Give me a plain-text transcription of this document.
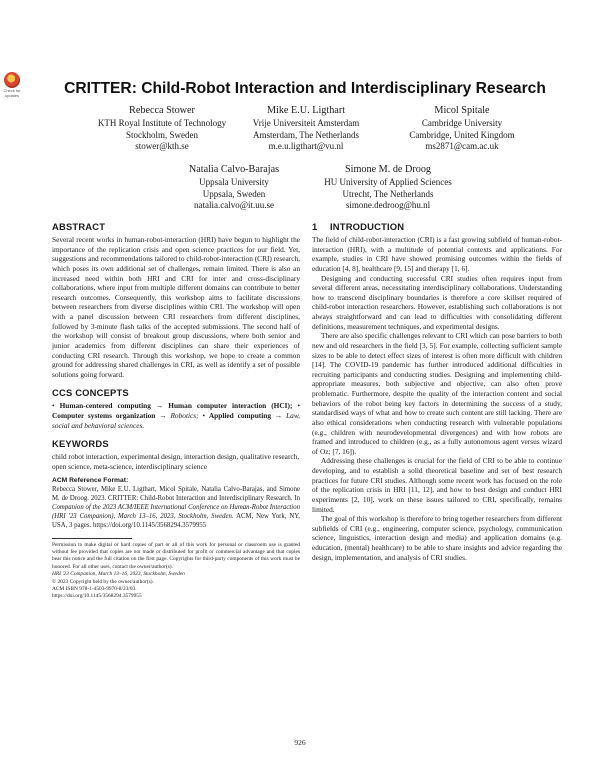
Check for updates	CRITTER: Child-Robot Interaction and Interdisciplinary Research
Rebecca Stower
KTH Royal Institute of Technology
Stockholm, Sweden
stower@kth.se
Mike E.U. Ligthart
Vrije Universiteit Amsterdam
Amsterdam, The Netherlands
m.e.u.ligthart@vu.nl
Micol Spitale
Cambridge University
Cambridge, United Kingdom
ms2871@cam.ac.uk
Natalia Calvo-Barajas
Uppsala University
Uppsala, Sweden
natalia.calvo@it.uu.se
Simone M. de Droog
HU University of Applied Sciences
Utrecht, The Netherlands
simone.dedroog@hu.nl
ABSTRACT

Several recent works in human-robot-interaction (HRI) have begun to highlight the importance of the replication crisis and open science practices for our field. Yet, suggestions and recommendations tailored to child-robot-interaction (CRI) research, which poses its own additional set of challenges, remain limited. There is also an increased need within both HRI and CRI for inter and cross-disciplinary collaborations, where input from multiple different domains can contribute to better research outcomes. Consequently, this workshop aims to facilitate discussions between researchers from diverse disciplines within CRI. The workshop will open with a panel discussion between CRI researchers from different disciplines, followed by 3-minute flash talks of the accepted submissions. The second half of the workshop will consist of breakout group discussions, where both senior and junior academics from different disciplines can share their experiences of conducting CRI research. Through this workshop, we hope to create a common ground for addressing shared challenges in CRI, as well as identify a set of possible solutions going forward.

CCS CONCEPTS

• Human-centered computing → Human computer interaction (HCI); • Computer systems organization → Robotics; • Applied computing → Law, social and behavioral sciences.

KEYWORDS

child robot interaction, experimental design, interaction design, qualitative research, open science, meta-science, interdisciplinary science

ACM Reference Format:

Rebecca Stower, Mike E.U. Ligthart, Micol Spitale, Natalia Calvo-Barajas, and Simone M. de Droog. 2023. CRITTER: Child-Robot Interaction and Interdisciplinary Research. In Companion of the 2023 ACM/IEEE International Conference on Human-Robot Interaction (HRI '23 Companion), March 13–16, 2023, Stockholm, Sweden. ACM, New York, NY, USA, 3 pages. https://doi.org/10.1145/3568294.3579955

Permission to make digital or hard copies of part or all of this work for personal or classroom use is granted without fee provided that copies are not made or distributed for profit or commercial advantage and that copies bear this notice and the full citation on the first page. Copyrights for third-party components of this work must be honored. For all other uses, contact the owner/author(s).
HRI '23 Companion, March 13–16, 2023, Stockholm, Sweden
© 2023 Copyright held by the owner/author(s).
ACM ISBN 978-1-4503-9970-8/23/03.
https://doi.org/10.1145/3568294.3579955
1 INTRODUCTION

The field of child-robot-interaction (CRI) is a fast growing subfield of human-robot-interaction (HRI), with a multitude of potential contexts and applications. For example, studies in CRI have showed promising outcomes within the fields of education [4, 8], healthcare [9, 15] and therapy [1, 6].

Designing and conducting successful CRI studies often requires input from several different areas, necessitating interdisciplinary collaborations. Understanding how to transcend disciplinary boundaries is therefore a core skillset required of child-robot interaction researchers. However, establishing such collaborations is not always straightforward and can lead to difficulties with consolidating different definitions, measurement techniques, and experimental designs.

There are also specific challenges relevant to CRI which can pose barriers to both new and old researchers in the field [3, 5]. For example, collecting sufficient sample sizes to be able to detect effect sizes of interest is often more difficult with children [14]. The COVID-19 pandemic has further introduced additional difficulties in recruiting participants and conducting studies. Designing and implementing child-appropriate measures, both subjective and objective, can also often prove problematic. Furthermore, despite the quality of the interaction content and social behaviors of the robot being key factors in determining the success of a study, standardised ways of what and how to create such content are still lacking. There are also ethical considerations when conducting research with vulnerable populations (e.g., children with neurodevelopmental divergences) and with how robots are framed and introduced to children (e.g., as a fully autonomous agent versus wizard of Oz; [7, 16]).

Addressing these challenges is crucial for the field of CRI to be able to continue developing, and to establish a solid theoretical baseline and set of best research practices for future CRI studies. Although some recent work has focused on the role of the replication crisis in HRI [11, 12], and how to best design and conduct HRI experiments [2, 10], work on these issues tailored to CRI, specifically, remains limited.

The goal of this workshop is therefore to bring together researchers from different subfields of CRI (e.g., engineering, computer science, psychology, communication science, linguistics, interaction design and media) and application domains (e.g. education, (mental) healthcare) to be able to share insights and advice regarding the design, implementation, and analysis of CRI studies.

926
